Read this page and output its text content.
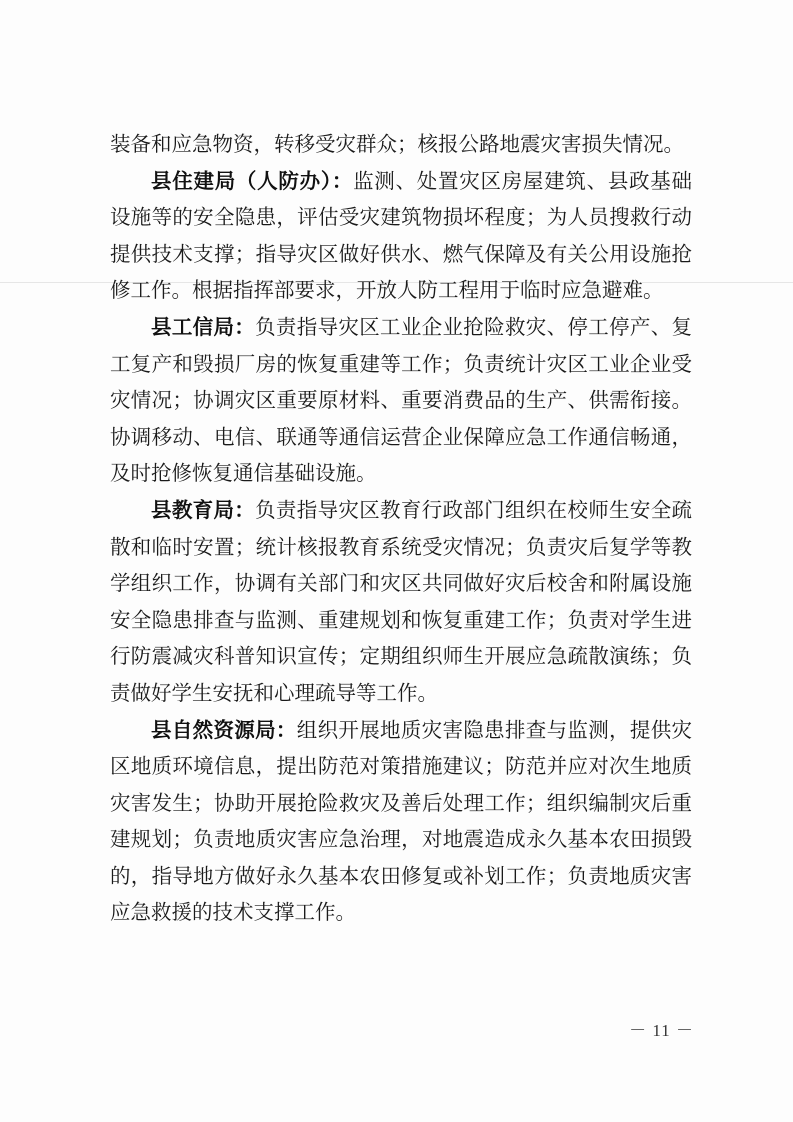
装备和应急物资，转移受灾群众；核报公路地震灾害损失情况。

县住建局（人防办）：监测、处置灾区房屋建筑、县政基础设施等的安全隐患，评估受灾建筑物损坏程度；为人员搜救行动提供技术支撑；指导灾区做好供水、燃气保障及有关公用设施抢修工作。根据指挥部要求，开放人防工程用于临时应急避难。

县工信局：负责指导灾区工业企业抢险救灾、停工停产、复工复产和毁损厂房的恢复重建等工作；负责统计灾区工业企业受灾情况；协调灾区重要原材料、重要消费品的生产、供需衔接。协调移动、电信、联通等通信运营企业保障应急工作通信畅通，及时抢修恢复通信基础设施。

县教育局：负责指导灾区教育行政部门组织在校师生安全疏散和临时安置；统计核报教育系统受灾情况；负责灾后复学等教学组织工作，协调有关部门和灾区共同做好灾后校舍和附属设施安全隐患排查与监测、重建规划和恢复重建工作；负责对学生进行防震减灾科普知识宣传；定期组织师生开展应急疏散演练；负责做好学生安抚和心理疏导等工作。

县自然资源局：组织开展地质灾害隐患排查与监测，提供灾区地质环境信息，提出防范对策措施建议；防范并应对次生地质灾害发生；协助开展抢险救灾及善后处理工作；组织编制灾后重建规划；负责地质灾害应急治理，对地震造成永久基本农田损毁的，指导地方做好永久基本农田修复或补划工作；负责地质灾害应急救援的技术支撑工作。

－ 11 －
